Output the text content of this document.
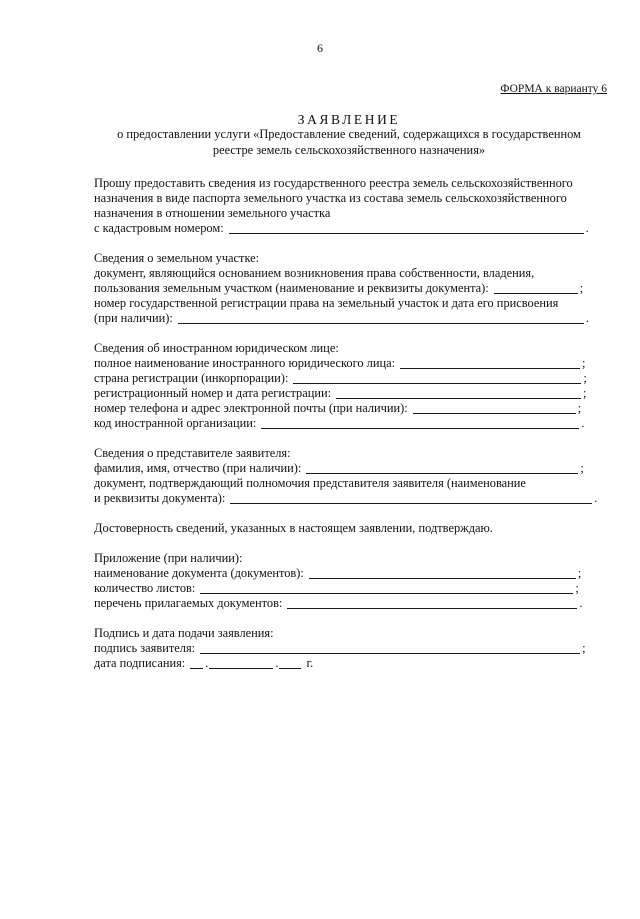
6
ФОРМА к варианту 6
ЗАЯВЛЕНИЕ
о предоставлении услуги «Предоставление сведений, содержащихся в государственном
реестре земель сельскохозяйственного назначения»
Прошу предоставить сведения из государственного реестра земель сельскохозяйственного
назначения в виде паспорта земельного участка из состава земель сельскохозяйственного
назначения в отношении земельного участка
с кадастровым номером:	.
Сведения о земельном участке:
документ, являющийся основанием возникновения права собственности, владения,
пользования земельным участком (наименование и реквизиты документа):	;
номер государственной регистрации права на земельный участок и дата его присвоения
(при наличии):	.
Сведения об иностранном юридическом лице:
полное наименование иностранного юридического лица:	;
страна регистрации (инкорпорации):	;
регистрационный номер и дата регистрации:	;
номер телефона и адрес электронной почты (при наличии):	;
код иностранной организации:	.
Сведения о представителе заявителя:
фамилия, имя, отчество (при наличии):	;
документ, подтверждающий полномочия представителя заявителя (наименование
и реквизиты документа):	.
Достоверность сведений, указанных в настоящем заявлении, подтверждаю.
Приложение (при наличии):
наименование документа (документов):	;
количество листов:	;
перечень прилагаемых документов:	.
Подпись и дата подачи заявления:
подпись заявителя:	;
дата подписания: .	. г.
